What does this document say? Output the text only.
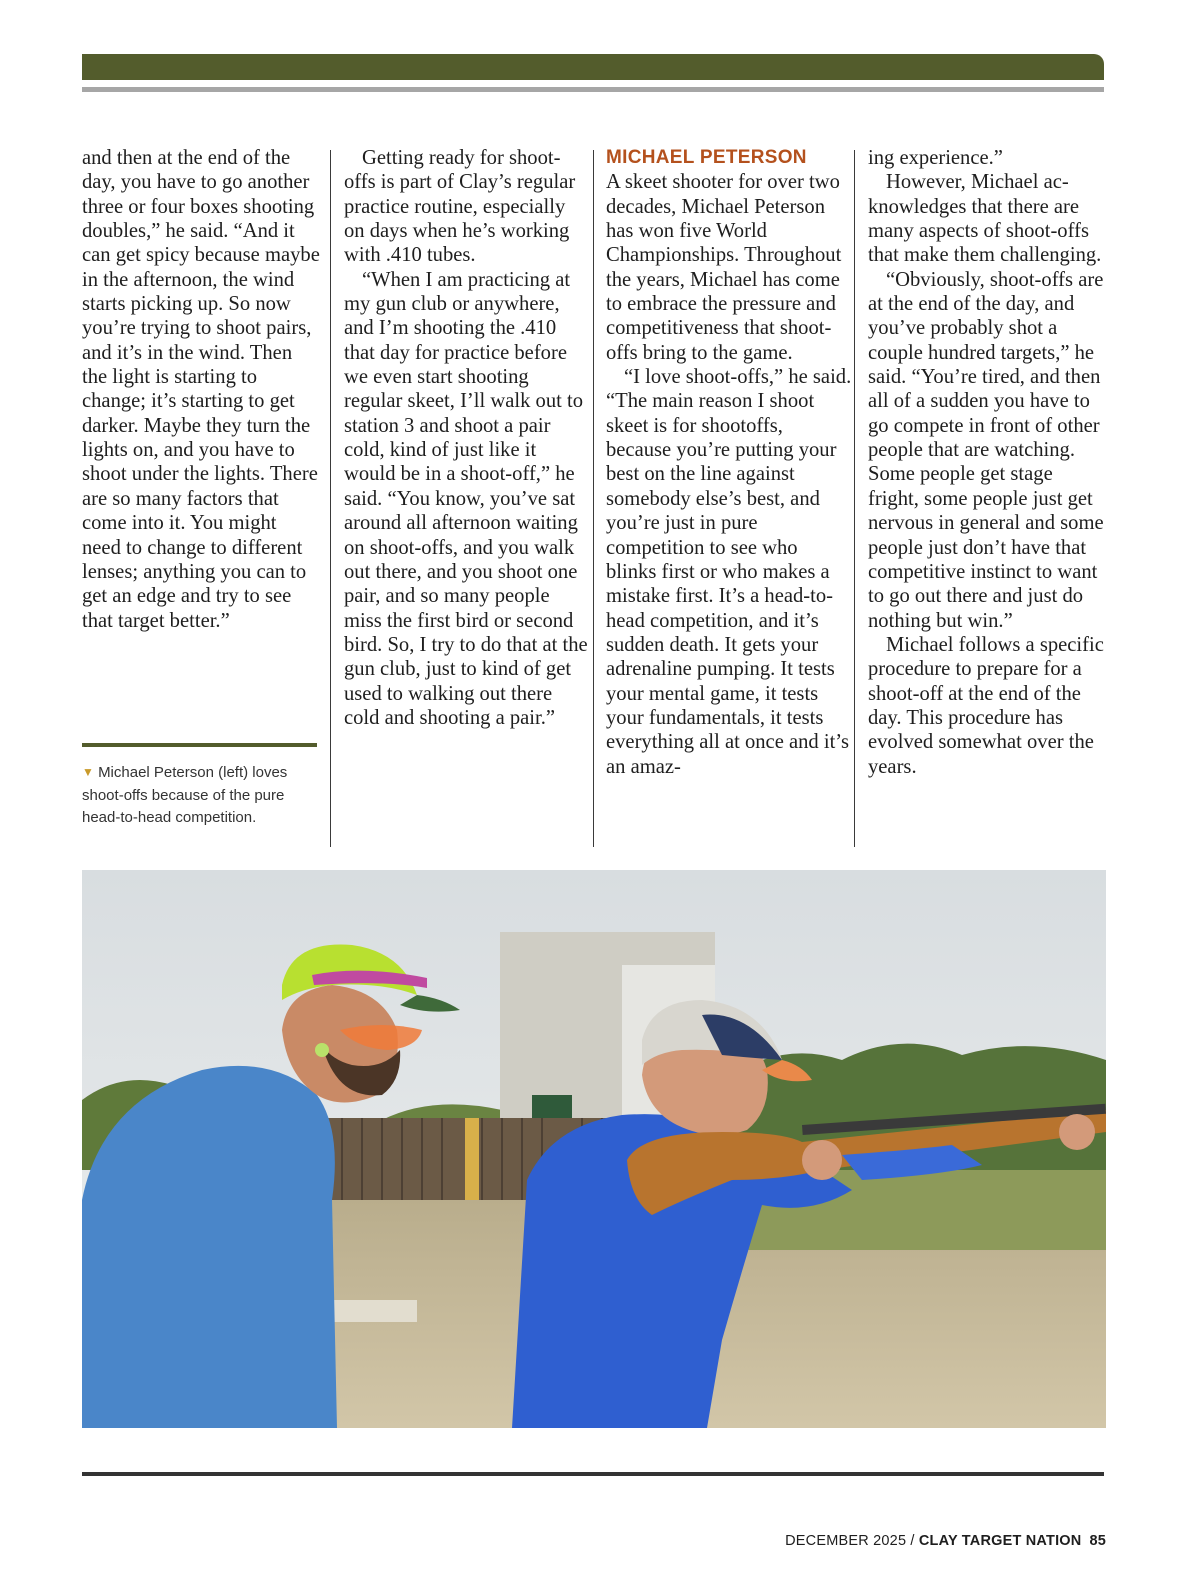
and then at the end of the day, you have to go another three or four boxes shooting doubles,” he said. “And it can get spicy because maybe in the afternoon, the wind starts picking up. So now you’re trying to shoot pairs, and it’s in the wind. Then the light is starting to change; it’s starting to get darker. Maybe they turn the lights on, and you have to shoot under the lights. There are so many factors that come into it. You might need to change to different lenses; anything you can to get an edge and try to see that target better.”

▼ Michael Peterson (left) loves shoot-offs because of the pure head-to-head competition.

Getting ready for shoot-offs is part of Clay’s regular practice routine, especially on days when he’s working with .410 tubes.

“When I am practicing at my gun club or anywhere, and I’m shooting the .410 that day for practice before we even start shooting regular skeet, I’ll walk out to station 3 and shoot a pair cold, kind of just like it would be in a shoot-off,” he said. “You know, you’ve sat around all afternoon waiting on shoot-offs, and you walk out there, and you shoot one pair, and so many people miss the first bird or second bird. So, I try to do that at the gun club, just to kind of get used to walking out there cold and shooting a pair.”

MICHAEL PETERSON

A skeet shooter for over two decades, Michael Peterson has won five World Championships. Throughout the years, Michael has come to embrace the pressure and competitiveness that shoot-offs bring to the game.

“I love shoot-offs,” he said. “The main reason I shoot skeet is for shootoffs, because you’re putting your best on the line against somebody else’s best, and you’re just in pure competition to see who blinks first or who makes a mistake first. It’s a head-to-head competition, and it’s sudden death. It gets your adrenaline pumping. It tests your mental game, it tests your fundamentals, it tests everything all at once and it’s an amaz-

ing experience.”

However, Michael acknowledges that there are many aspects of shoot-offs that make them challenging.

“Obviously, shoot-offs are at the end of the day, and you’ve probably shot a couple hundred targets,” he said. “You’re tired, and then all of a sudden you have to go compete in front of other people that are watching. Some people get stage fright, some people just get nervous in general and some people just don’t have that competitive instinct to want to go out there and just do nothing but win.”

Michael follows a specific procedure to prepare for a shoot-off at the end of the day. This procedure has evolved somewhat over the years.

DECEMBER 2025 / CLAY TARGET NATION 85
